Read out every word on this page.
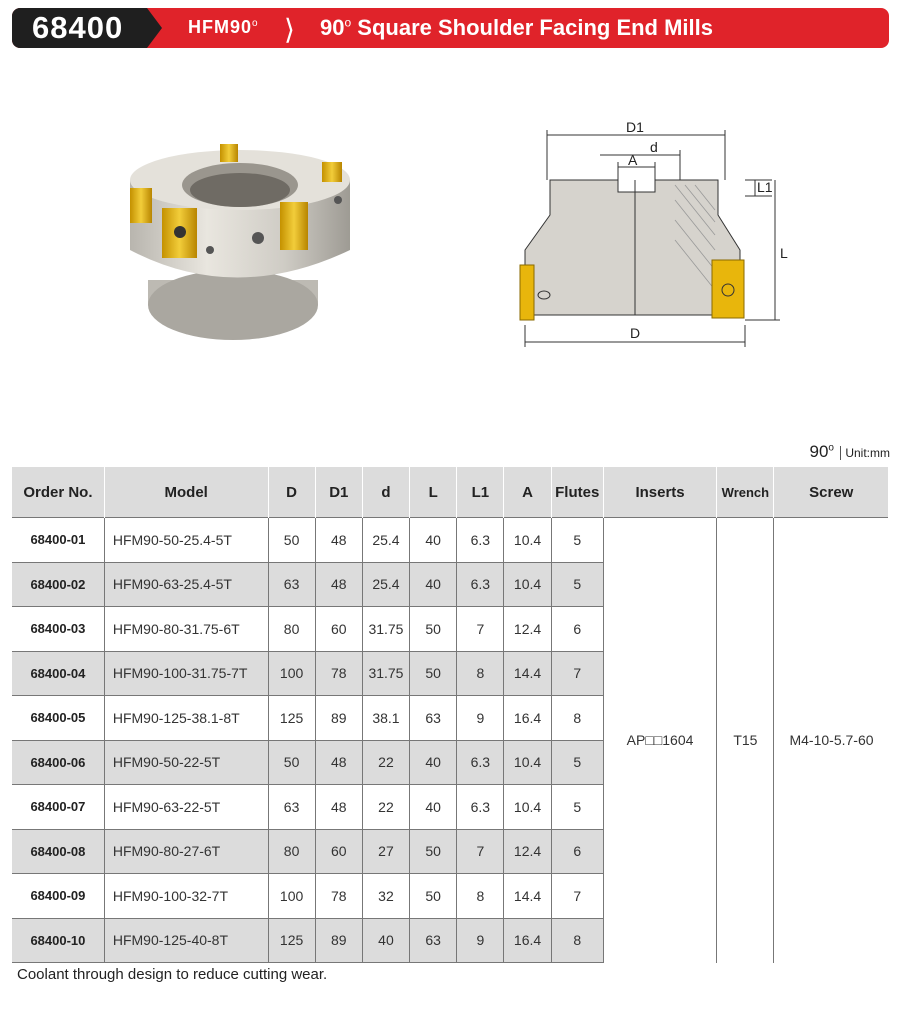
68400	HFM90$^o$ ⟩ 90$^o$ Square Shoulder Facing End Mills
D1
d
A
L1
L
D
90$^o$ Unit:mm
Order No.	Model	D	D1	d	L	L1	A	Flutes	Inserts	Wrench	Screw
68400-01	HFM90-50-25.4-5T	50	48	25.4	40	6.3	10.4	5	AP□□1604	T15	M4-10-5.7-60
68400-02	HFM90-63-25.4-5T	63	48	25.4	40	6.3	10.4	5			
68400-03	HFM90-80-31.75-6T	80	60	31.75	50	7	12.4	6			
68400-04	HFM90-100-31.75-7T	100	78	31.75	50	8	14.4	7			
68400-05	HFM90-125-38.1-8T	125	89	38.1	63	9	16.4	8			
68400-06	HFM90-50-22-5T	50	48	22	40	6.3	10.4	5			
68400-07	HFM90-63-22-5T	63	48	22	40	6.3	10.4	5			
68400-08	HFM90-80-27-6T	80	60	27	50	7	12.4	6			
68400-09	HFM90-100-32-7T	100	78	32	50	8	14.4	7			
68400-10	HFM90-125-40-8T	125	89	40	63	9	16.4	8			
Coolant through design to reduce cutting wear.
